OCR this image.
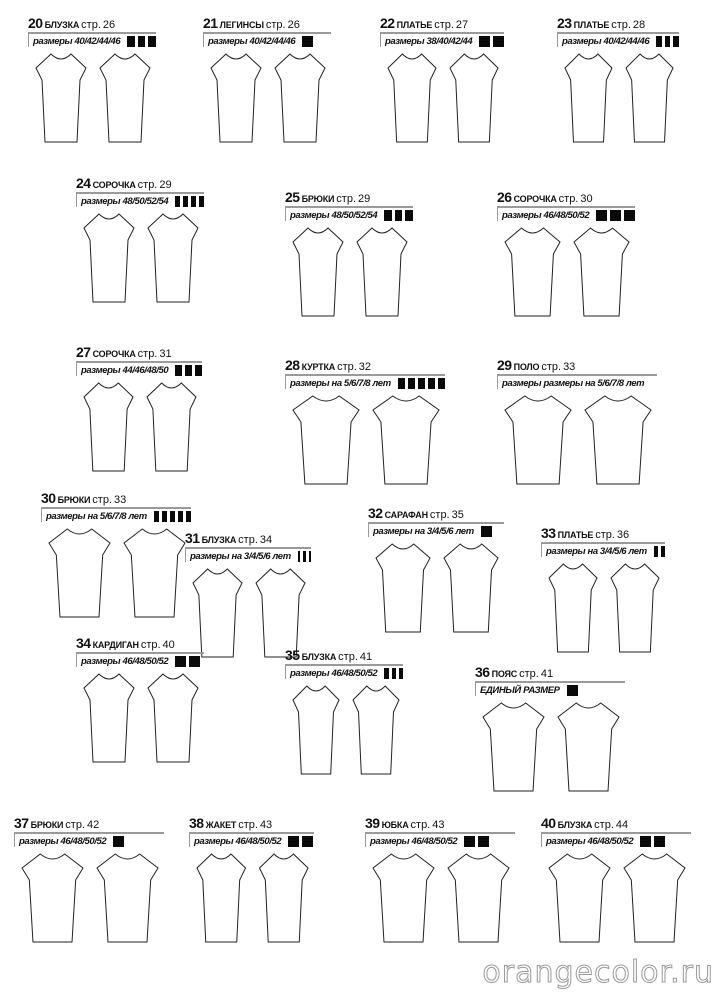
20 БЛУЗКА стр. 26
размеры 40/42/44/46
21 ЛЕГИНСЫ стр. 26
размеры 40/42/44/46
22 ПЛАТЬЕ стр. 27
размеры 38/40/42/44
23 ПЛАТЬЕ стр. 28
размеры 40/42/44/46
24 СОРОЧКА стр. 29
размеры 48/50/52/54	25 БРЮКИ стр. 29
размеры 48/50/52/54
26 СОРОЧКА стр. 30
размеры 46/48/50/52
27 СОРОЧКА стр. 31
размеры 44/46/48/50	28 КУРТКА стр. 32
размеры на 5/6/7/8 лет
29 ПОЛО стр. 33
размеры размеры на 5/6/7/8 лет
30 БРЮКИ стр. 33
размеры на 5/6/7/8 лет
31 БЛУЗКА стр. 34
размеры на 3/4/5/6 лет
32 САРАФАН стр. 35
размеры на 3/4/5/6 лет	33 ПЛАТЬЕ стр. 36
размеры на 3/4/5/6 лет
34 КАРДИГАН стр. 40
размеры 46/48/50/52	35 БЛУЗКА стр. 41
размеры 46/48/50/52	36 ПОЯС стр. 41
ЕДИНЫЙ РАЗМЕР
37 БРЮКИ стр. 42
размеры 46/48/50/52
38 ЖАКЕТ стр. 43
размеры 46/48/50/52
39 ЮБКА стр. 43
размеры 46/48/50/52
40 БЛУЗКА стр. 44
размеры 46/48/50/52
orangecolor.ru
